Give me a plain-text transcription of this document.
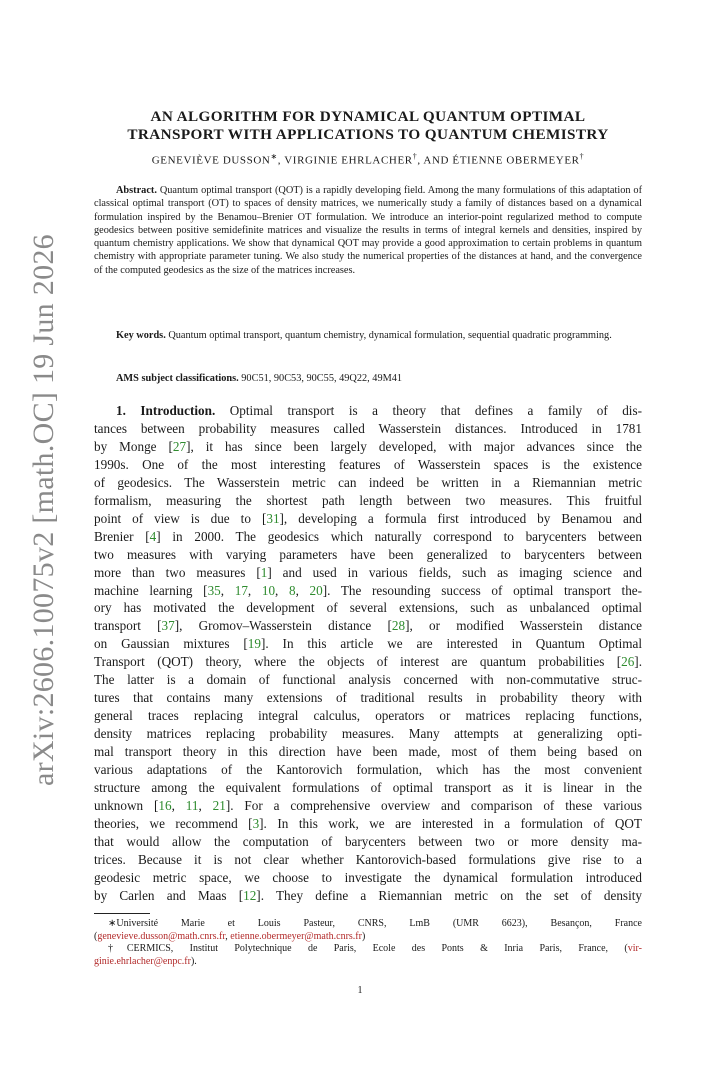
arXiv:2606.10075v2 [math.OC] 19 Jun 2026
AN ALGORITHM FOR DYNAMICAL QUANTUM OPTIMAL
TRANSPORT WITH APPLICATIONS TO QUANTUM CHEMISTRY
GENEVIÈVE DUSSON∗, VIRGINIE EHRLACHER†, AND ÉTIENNE OBERMEYER†
Abstract. Quantum optimal transport (QOT) is a rapidly developing field. Among the many formulations of this adaptation of classical optimal transport (OT) to spaces of density matrices, we numerically study a family of distances based on a dynamical formulation inspired by the Benamou–Brenier OT formulation. We introduce an interior-point regularized method to compute geodesics between positive semidefinite matrices and visualize the results in terms of integral kernels and densities, inspired by quantum chemistry applications. We show that dynamical QOT may provide a good approximation to certain problems in quantum chemistry with appropriate parameter tuning. We also study the numerical properties of the distances at hand, and the convergence of the computed geodesics as the size of the matrices increases.
Key words. Quantum optimal transport, quantum chemistry, dynamical formulation, sequential quadratic programming.
AMS subject classifications. 90C51, 90C53, 90C55, 49Q22, 49M41
1. Introduction. Optimal transport is a theory that defines a family of dis-
tances between probability measures called Wasserstein distances. Introduced in 1781
by Monge [27], it has since been largely developed, with major advances since the
1990s. One of the most interesting features of Wasserstein spaces is the existence
of geodesics. The Wasserstein metric can indeed be written in a Riemannian metric
formalism, measuring the shortest path length between two measures. This fruitful
point of view is due to [31], developing a formula first introduced by Benamou and
Brenier [4] in 2000. The geodesics which naturally correspond to barycenters between
two measures with varying parameters have been generalized to barycenters between
more than two measures [1] and used in various fields, such as imaging science and
machine learning [35, 17, 10, 8, 20]. The resounding success of optimal transport the-
ory has motivated the development of several extensions, such as unbalanced optimal
transport [37], Gromov–Wasserstein distance [28], or modified Wasserstein distance
on Gaussian mixtures [19]. In this article we are interested in Quantum Optimal
Transport (QOT) theory, where the objects of interest are quantum probabilities [26].
The latter is a domain of functional analysis concerned with non-commutative struc-
tures that contains many extensions of traditional results in probability theory with
general traces replacing integral calculus, operators or matrices replacing functions,
density matrices replacing probability measures. Many attempts at generalizing opti-
mal transport theory in this direction have been made, most of them being based on
various adaptations of the Kantorovich formulation, which has the most convenient
structure among the equivalent formulations of optimal transport as it is linear in the
unknown [16, 11, 21]. For a comprehensive overview and comparison of these various
theories, we recommend [3]. In this work, we are interested in a formulation of QOT
that would allow the computation of barycenters between two or more density ma-
trices. Because it is not clear whether Kantorovich-based formulations give rise to a
geodesic metric space, we choose to investigate the dynamical formulation introduced
by Carlen and Maas [12]. They define a Riemannian metric on the set of density
∗Université Marie et Louis Pasteur, CNRS, LmB (UMR 6623), Besançon, France
(genevieve.dusson@math.cnrs.fr, etienne.obermeyer@math.cnrs.fr)
†CERMICS, Institut Polytechnique de Paris, Ecole des Ponts & Inria Paris, France, (vir-
ginie.ehrlacher@enpc.fr).
1
